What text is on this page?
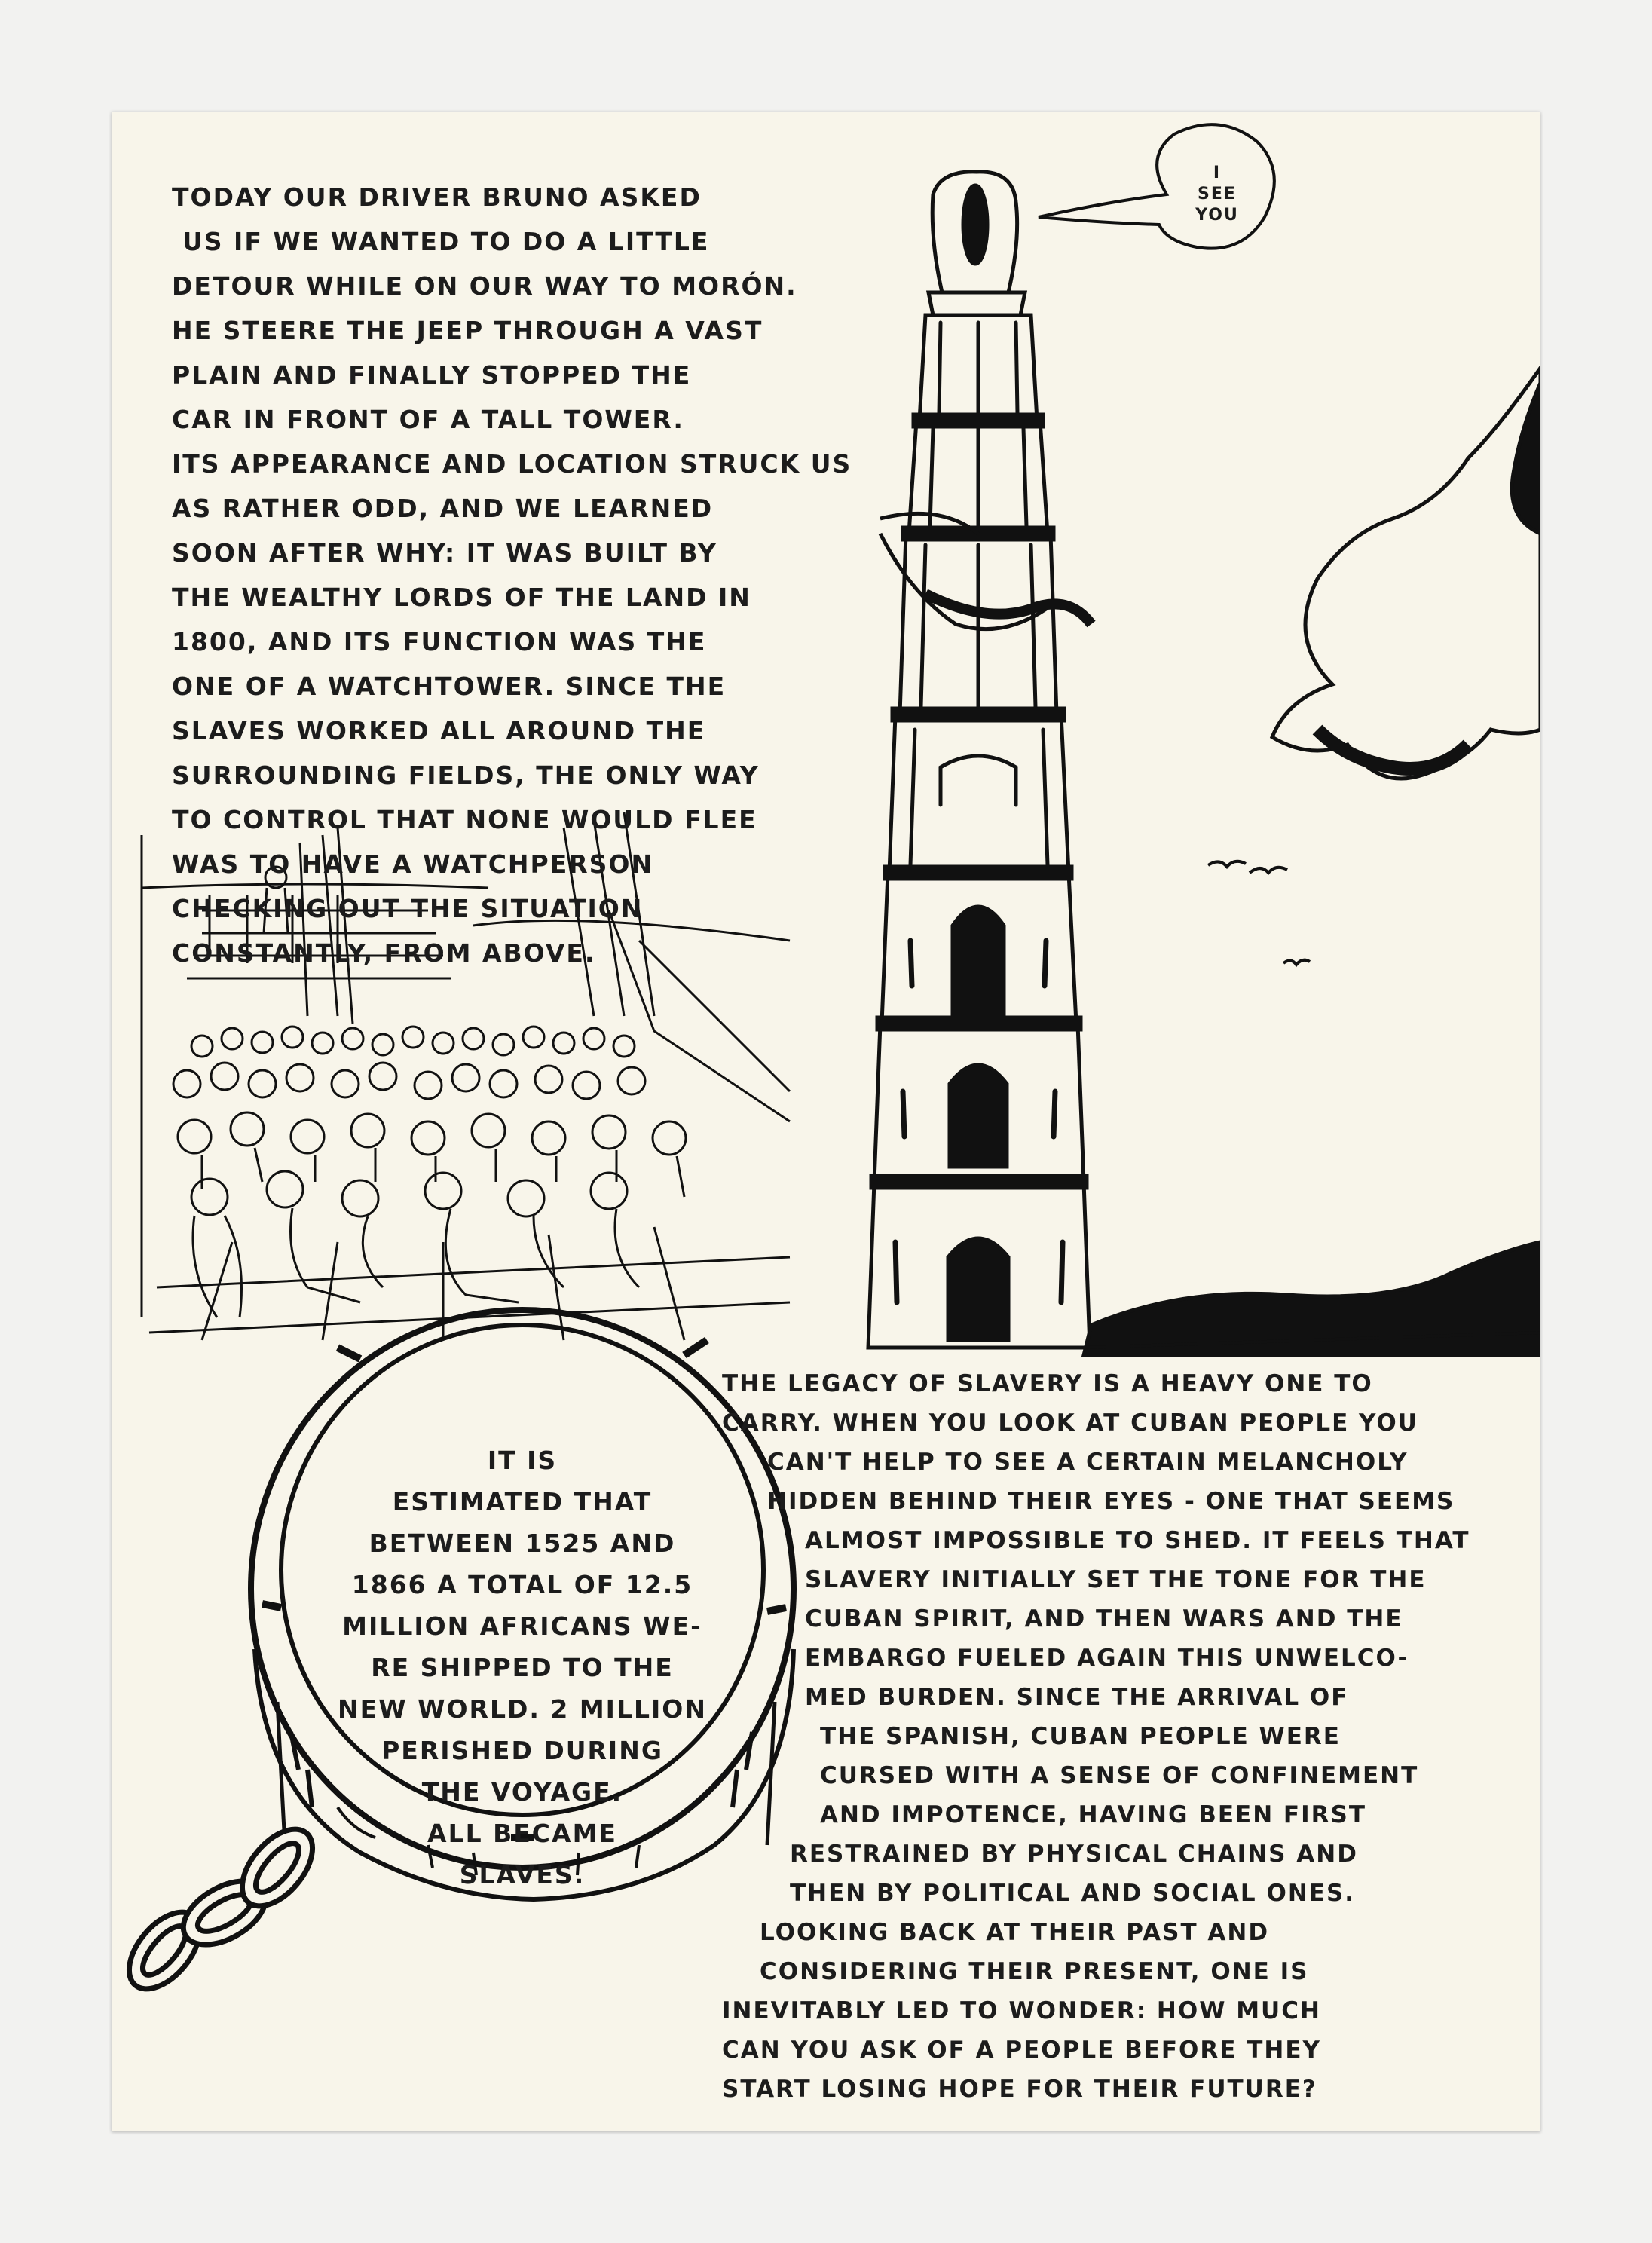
I
SEE
YOU
TODAY OUR DRIVER BRUNO ASKED
US IF WE WANTED TO DO A LITTLE
DETOUR WHILE ON OUR WAY TO MORÓN.
HE STEERE THE JEEP THROUGH A VAST
PLAIN AND FINALLY STOPPED THE
CAR IN FRONT OF A TALL TOWER.
ITS APPEARANCE AND LOCATION STRUCK US
AS RATHER ODD, AND WE LEARNED
SOON AFTER WHY: IT WAS BUILT BY
THE WEALTHY LORDS OF THE LAND IN
1800, AND ITS FUNCTION WAS THE
ONE OF A WATCHTOWER. SINCE THE
SLAVES WORKED ALL AROUND THE
SURROUNDING FIELDS, THE ONLY WAY
TO CONTROL THAT NONE WOULD FLEE
WAS TO HAVE A WATCHPERSON
CHECKING OUT THE SITUATION
CONSTANTLY, FROM ABOVE.
IT IS
ESTIMATED THAT
BETWEEN 1525 AND
1866 A TOTAL OF 12.5
MILLION AFRICANS WE-
RE SHIPPED TO THE
NEW WORLD. 2 MILLION
PERISHED DURING
THE VOYAGE.
ALL BECAME
SLAVES.
THE LEGACY OF SLAVERY IS A HEAVY ONE TO
CARRY. WHEN YOU LOOK AT CUBAN PEOPLE YOU
CAN'T HELP TO SEE A CERTAIN MELANCHOLY
HIDDEN BEHIND THEIR EYES - ONE THAT SEEMS
ALMOST IMPOSSIBLE TO SHED. IT FEELS THAT
SLAVERY INITIALLY SET THE TONE FOR THE
CUBAN SPIRIT, AND THEN WARS AND THE
EMBARGO FUELED AGAIN THIS UNWELCO-
MED BURDEN. SINCE THE ARRIVAL OF
THE SPANISH, CUBAN PEOPLE WERE
CURSED WITH A SENSE OF CONFINEMENT
AND IMPOTENCE, HAVING BEEN FIRST
RESTRAINED BY PHYSICAL CHAINS AND
THEN BY POLITICAL AND SOCIAL ONES.
LOOKING BACK AT THEIR PAST AND
CONSIDERING THEIR PRESENT, ONE IS
INEVITABLY LED TO WONDER: HOW MUCH
CAN YOU ASK OF A PEOPLE BEFORE THEY
START LOSING HOPE FOR THEIR FUTURE?
